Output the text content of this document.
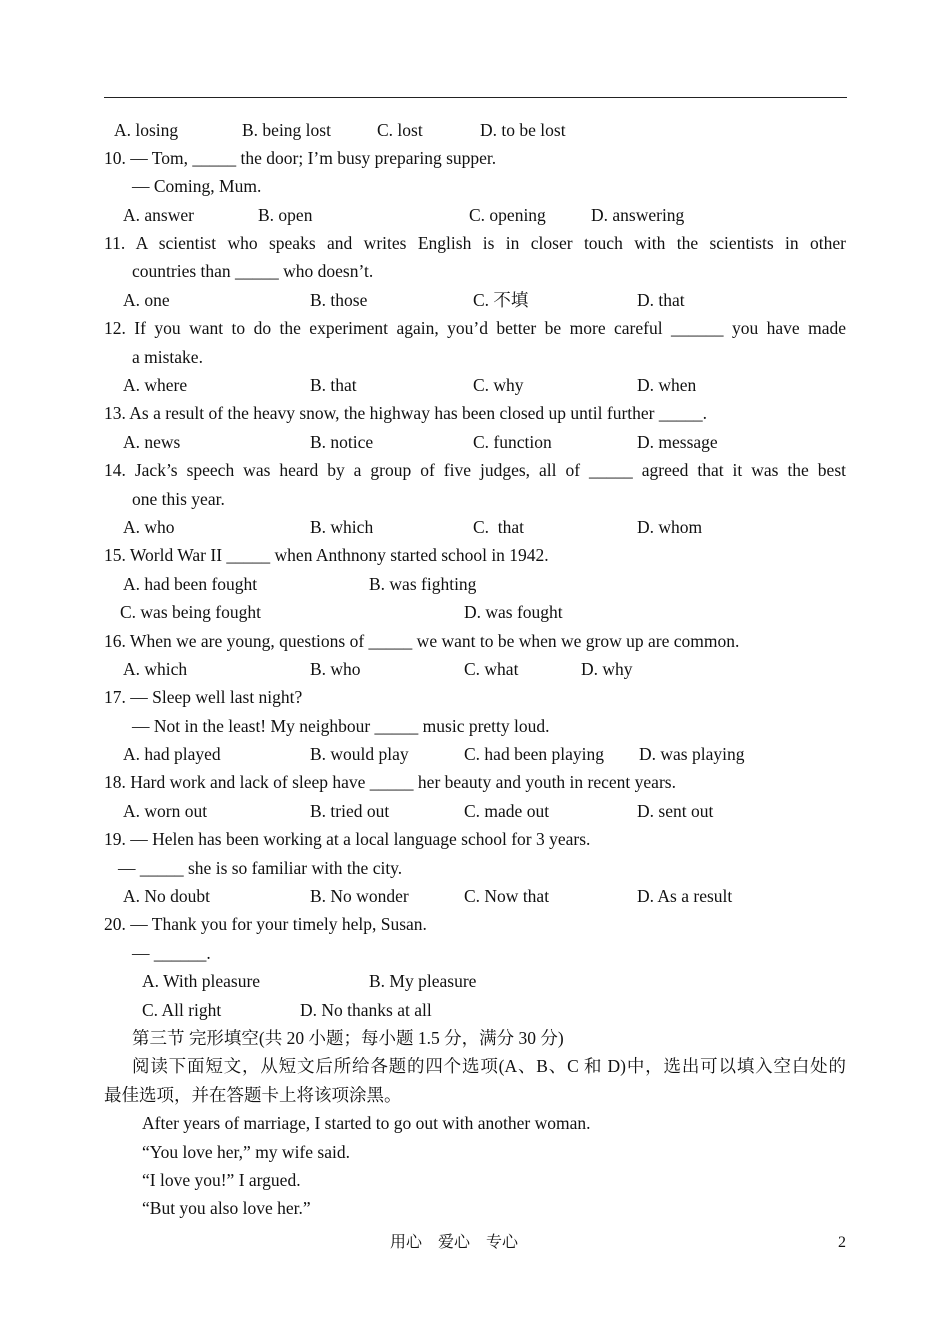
A. losing	B. being lost	C. lost	D. to be lost
10. — Tom, _____ the door; I’m busy preparing supper.
— Coming, Mum.
A. answer	B. open	C. opening	D. answering
11. A scientist who speaks and writes English is in closer touch with the scientists in other
countries than _____ who doesn’t.
A. one	B. those	C. 不填	D. that
12. If you want to do the experiment again, you’d better be more careful ______ you have made
a mistake.
A. where	B. that	C. why	D. when
13. As a result of the heavy snow, the highway has been closed up until further _____.
A. news	B. notice	C. function	D. message
14. Jack’s speech was heard by a group of five judges, all of _____ agreed that it was the best
one this year.
A. who	B. which	C.  that	D. whom
15. World War II _____ when Anthnony started school in 1942.
A. had been fought	B. was fighting
C. was being fought	D. was fought
16. When we are young, questions of _____ we want to be when we grow up are common.
A. which	B. who	C. what	D. why
17. — Sleep well last night?
— Not in the least! My neighbour _____ music pretty loud.
A. had played	B. would play	C. had been playing D. was playing
18. Hard work and lack of sleep have _____ her beauty and youth in recent years.
A. worn out	B. tried out	C. made out	D. sent out
19. — Helen has been working at a local language school for 3 years.
— _____ she is so familiar with the city.
A. No doubt	B. No wonder	C. Now that	D. As a result
20. — Thank you for your timely help, Susan.
— ______.
A. With pleasure	B. My pleasure
C. All right	D. No thanks at all
第三节 完形填空(共 20 小题；每小题 1.5 分，满分 30 分)
阅读下面短文，从短文后所给各题的四个选项(A、B、C 和 D)中，选出可以填入空白处的
最佳选项，并在答题卡上将该项涂黑。
After years of marriage, I started to go out with another woman.
“You love her,” my wife said.
“I love you!” I argued.
“But you also love her.”
用心    爱心    专心	2
